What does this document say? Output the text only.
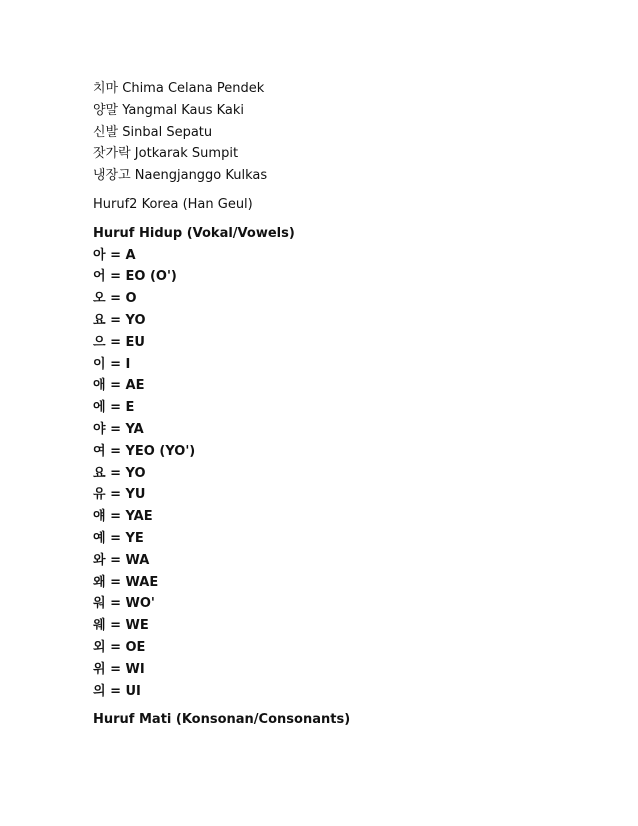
치마 Chima Celana Pendek
양말 Yangmal Kaus Kaki
신발 Sinbal Sepatu
잣가락 Jotkarak Sumpit
냉장고 Naengjanggo Kulkas
Huruf2 Korea (Han Geul)
Huruf Hidup (Vokal/Vowels)
아 = A
어 = EO (O')
오 = O
요 = YO
으 = EU
이 = I
애 = AE
에 = E
야 = YA
여 = YEO (YO')
요 = YO
유 = YU
얘 = YAE
예 = YE
와 = WA
왜 = WAE
워 = WO'
웨 = WE
외 = OE
위 = WI
의 = UI
Huruf Mati (Konsonan/Consonants)
